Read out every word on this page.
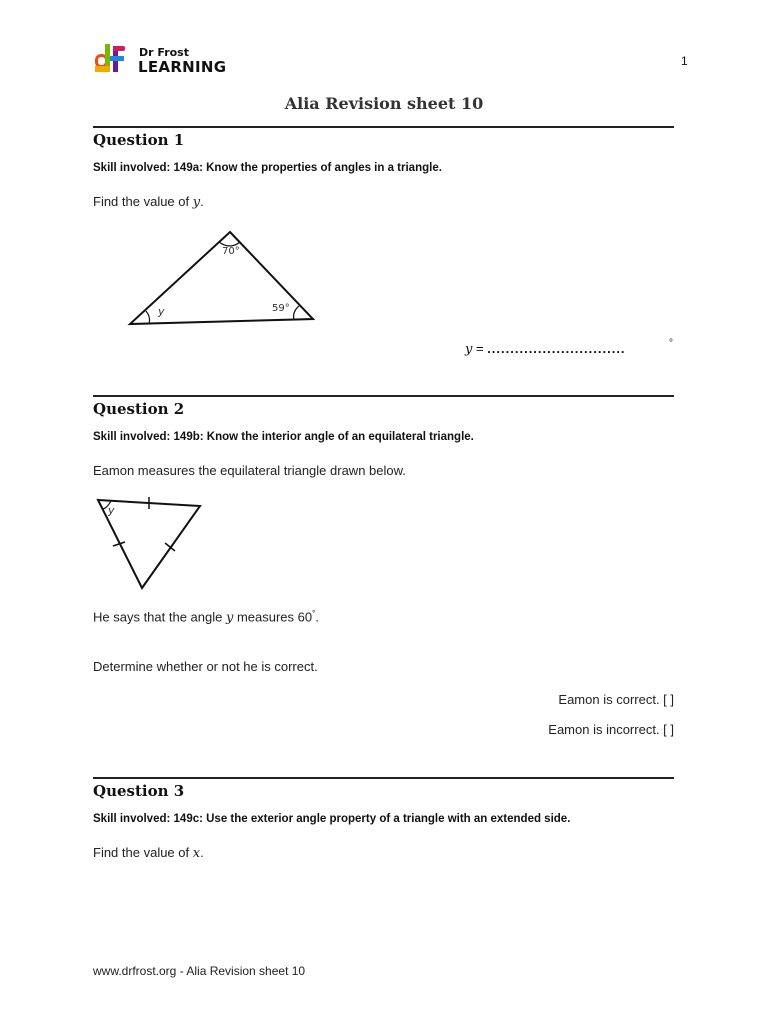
Dr Frost
LEARNING	1
Alia Revision sheet 10
Question 1
Skill involved: 149a: Know the properties of angles in a triangle.
Find the value of y.
70°
59°
y
y = ..............................	°
Question 2
Skill involved: 149b: Know the interior angle of an equilateral triangle.
Eamon measures the equilateral triangle drawn below.
y
He says that the angle y measures 60°.
Determine whether or not he is correct.
Eamon is correct. [ ]
Eamon is incorrect. [ ]
Question 3
Skill involved: 149c: Use the exterior angle property of a triangle with an extended side.
Find the value of x.
www.drfrost.org - Alia Revision sheet 10
